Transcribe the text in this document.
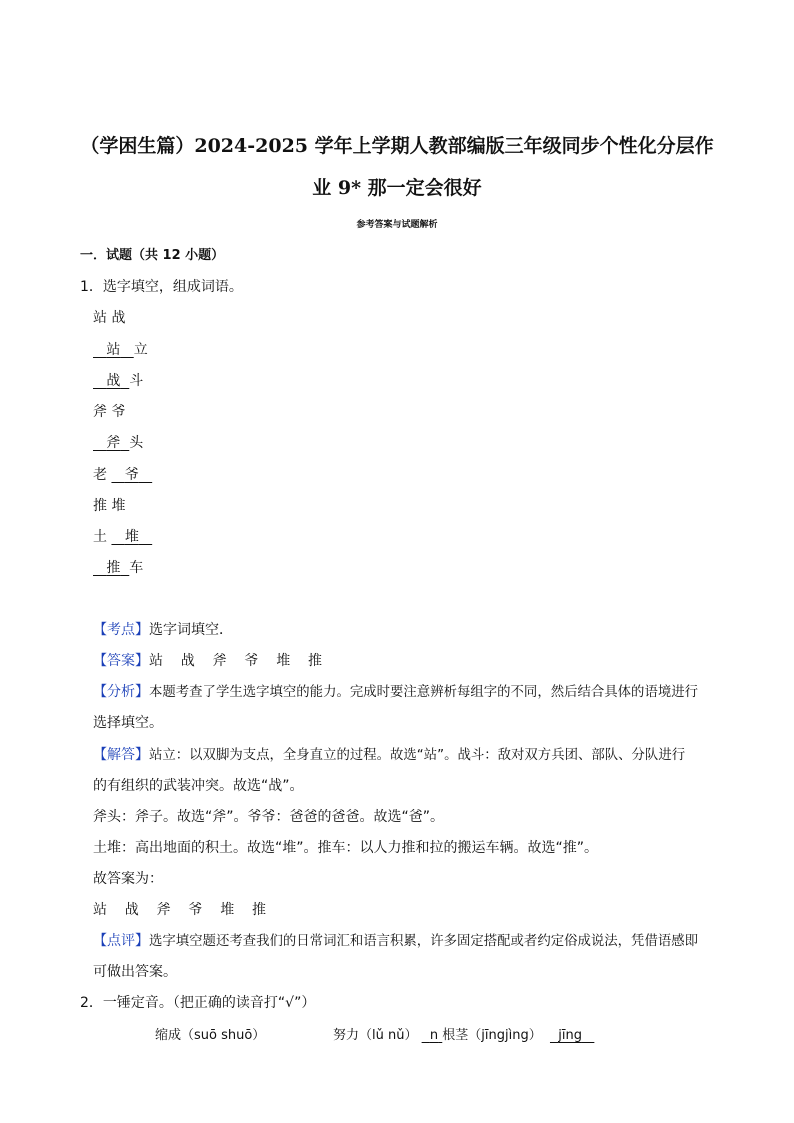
（学困生篇）2024-2025 学年上学期人教部编版三年级同步个性化分层作
业 9* 那一定会很好
参考答案与试题解析
一．试题（共 12 小题）
1．选字填空，组成词语。
站 战
站 立
战 斗
斧 爷
斧 头
老 爷
推 堆
土 堆
推 车
【考点】选字词填空．
【答案】站    战    斧    爷    堆    推
【分析】本题考查了学生选字填空的能力。完成时要注意辨析每组字的不同，然后结合具体的语境进行
选择填空。
【解答】站立：以双脚为支点，全身直立的过程。故选“站”。战斗：敌对双方兵团、部队、分队进行
的有组织的武装冲突。故选“战”。
斧头：斧子。故选“斧”。爷爷：爸爸的爸爸。故选“爸”。
土堆：高出地面的积土。故选“堆”。推车：以人力推和拉的搬运车辆。故选“推”。
故答案为：
站    战    斧    爷    堆    推
【点评】选字填空题还考查我们的日常词汇和语言积累，许多固定搭配或者约定俗成说法，凭借语感即
可做出答案。
2．一锤定音。（把正确的读音打“√”）
缩成（suō shuō）	努力（lǔ nǔ） n 根茎（jīngjìng） jīng
